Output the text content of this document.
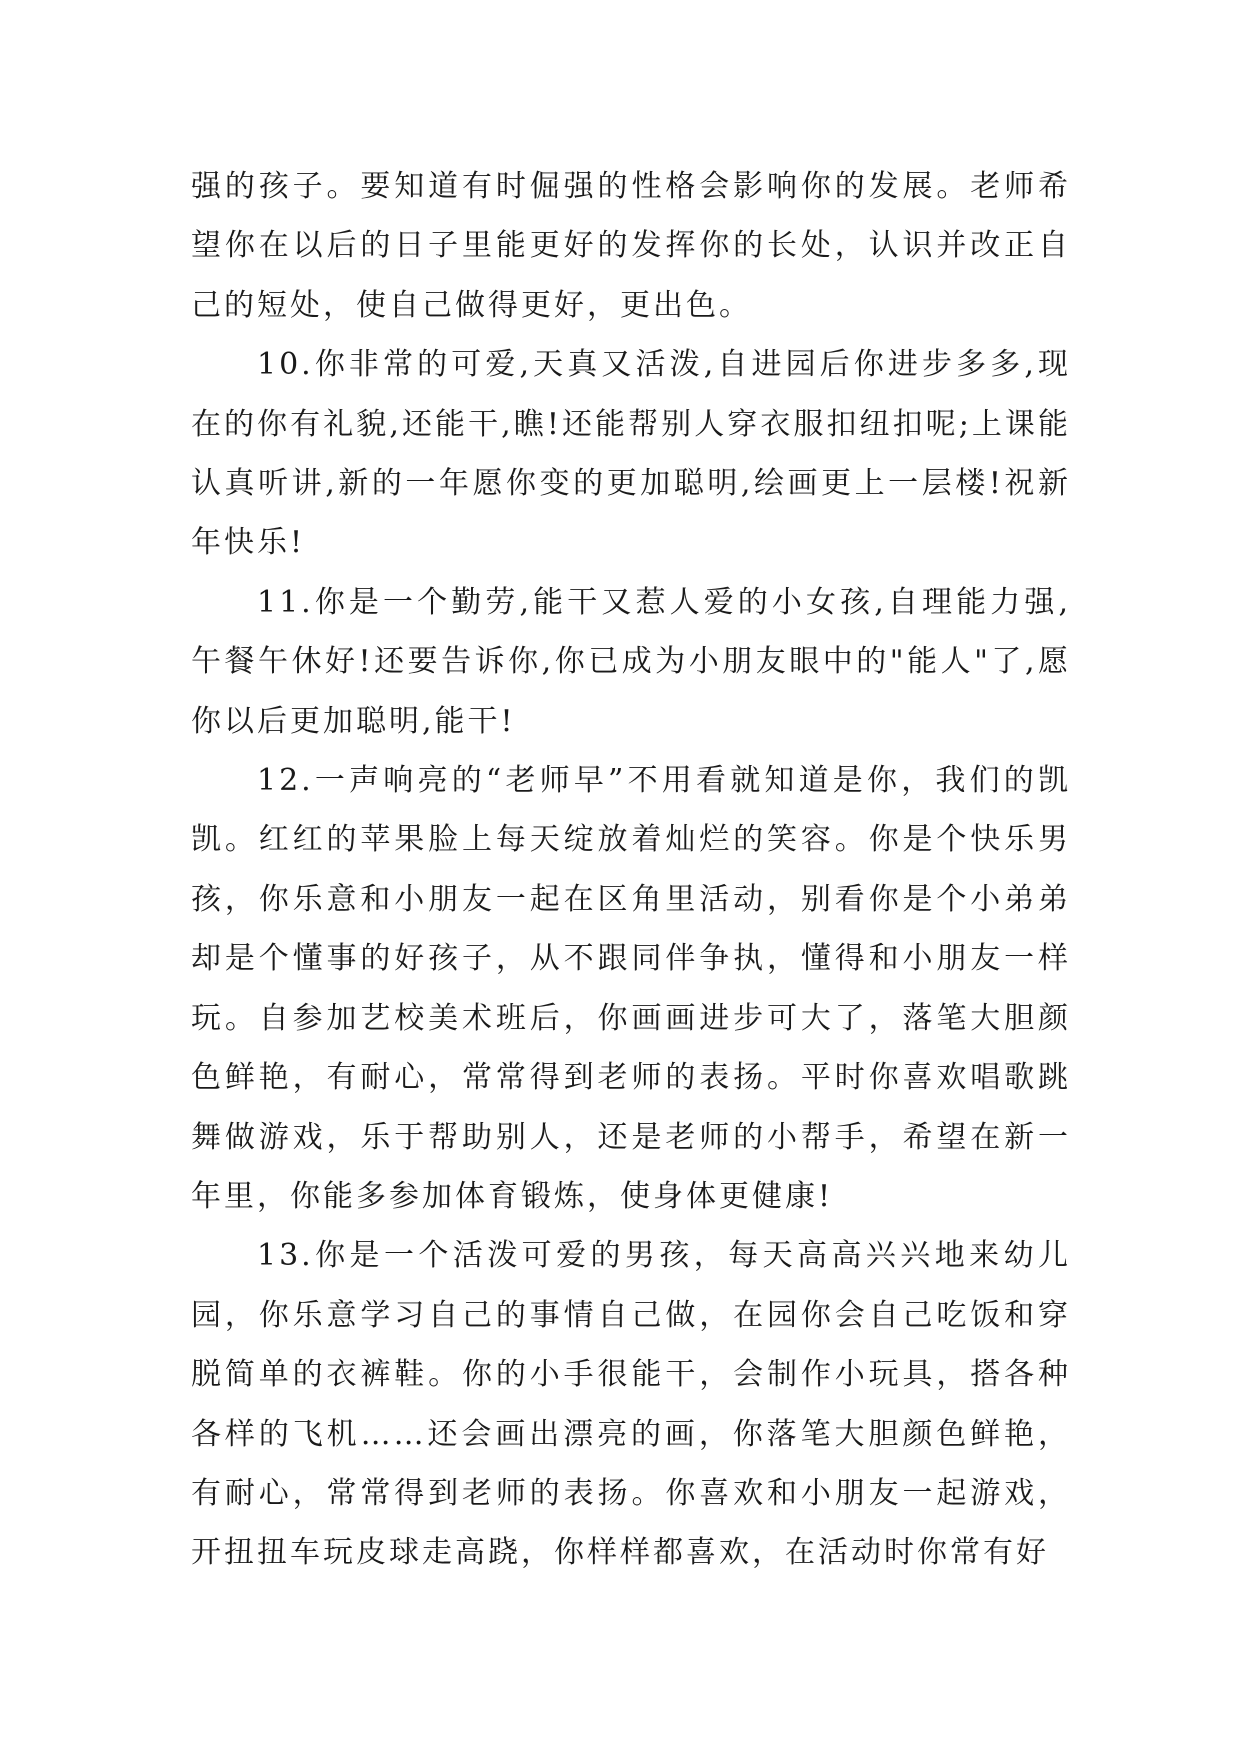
强的孩子。要知道有时倔强的性格会影响你的发展。老师希望你在以后的日子里能更好的发挥你的长处，认识并改正自己的短处，使自己做得更好，更出色。

10.你非常的可爱,天真又活泼,自进园后你进步多多,现在的你有礼貌,还能干,瞧!还能帮别人穿衣服扣纽扣呢;上课能认真听讲,新的一年愿你变的更加聪明,绘画更上一层楼!祝新年快乐!

11.你是一个勤劳,能干又惹人爱的小女孩,自理能力强,午餐午休好!还要告诉你,你已成为小朋友眼中的"能人"了,愿你以后更加聪明,能干!

12.一声响亮的“老师早”不用看就知道是你，我们的凯凯。红红的苹果脸上每天绽放着灿烂的笑容。你是个快乐男孩，你乐意和小朋友一起在区角里活动，别看你是个小弟弟却是个懂事的好孩子，从不跟同伴争执，懂得和小朋友一样玩。自参加艺校美术班后，你画画进步可大了，落笔大胆颜色鲜艳，有耐心，常常得到老师的表扬。平时你喜欢唱歌跳舞做游戏，乐于帮助别人，还是老师的小帮手，希望在新一年里，你能多参加体育锻炼，使身体更健康!

13.你是一个活泼可爱的男孩，每天高高兴兴地来幼儿园，你乐意学习自己的事情自己做，在园你会自己吃饭和穿脱简单的衣裤鞋。你的小手很能干，会制作小玩具，搭各种各样的飞机……还会画出漂亮的画，你落笔大胆颜色鲜艳，有耐心，常常得到老师的表扬。你喜欢和小朋友一起游戏，开扭扭车玩皮球走高跷，你样样都喜欢，在活动时你常有好
